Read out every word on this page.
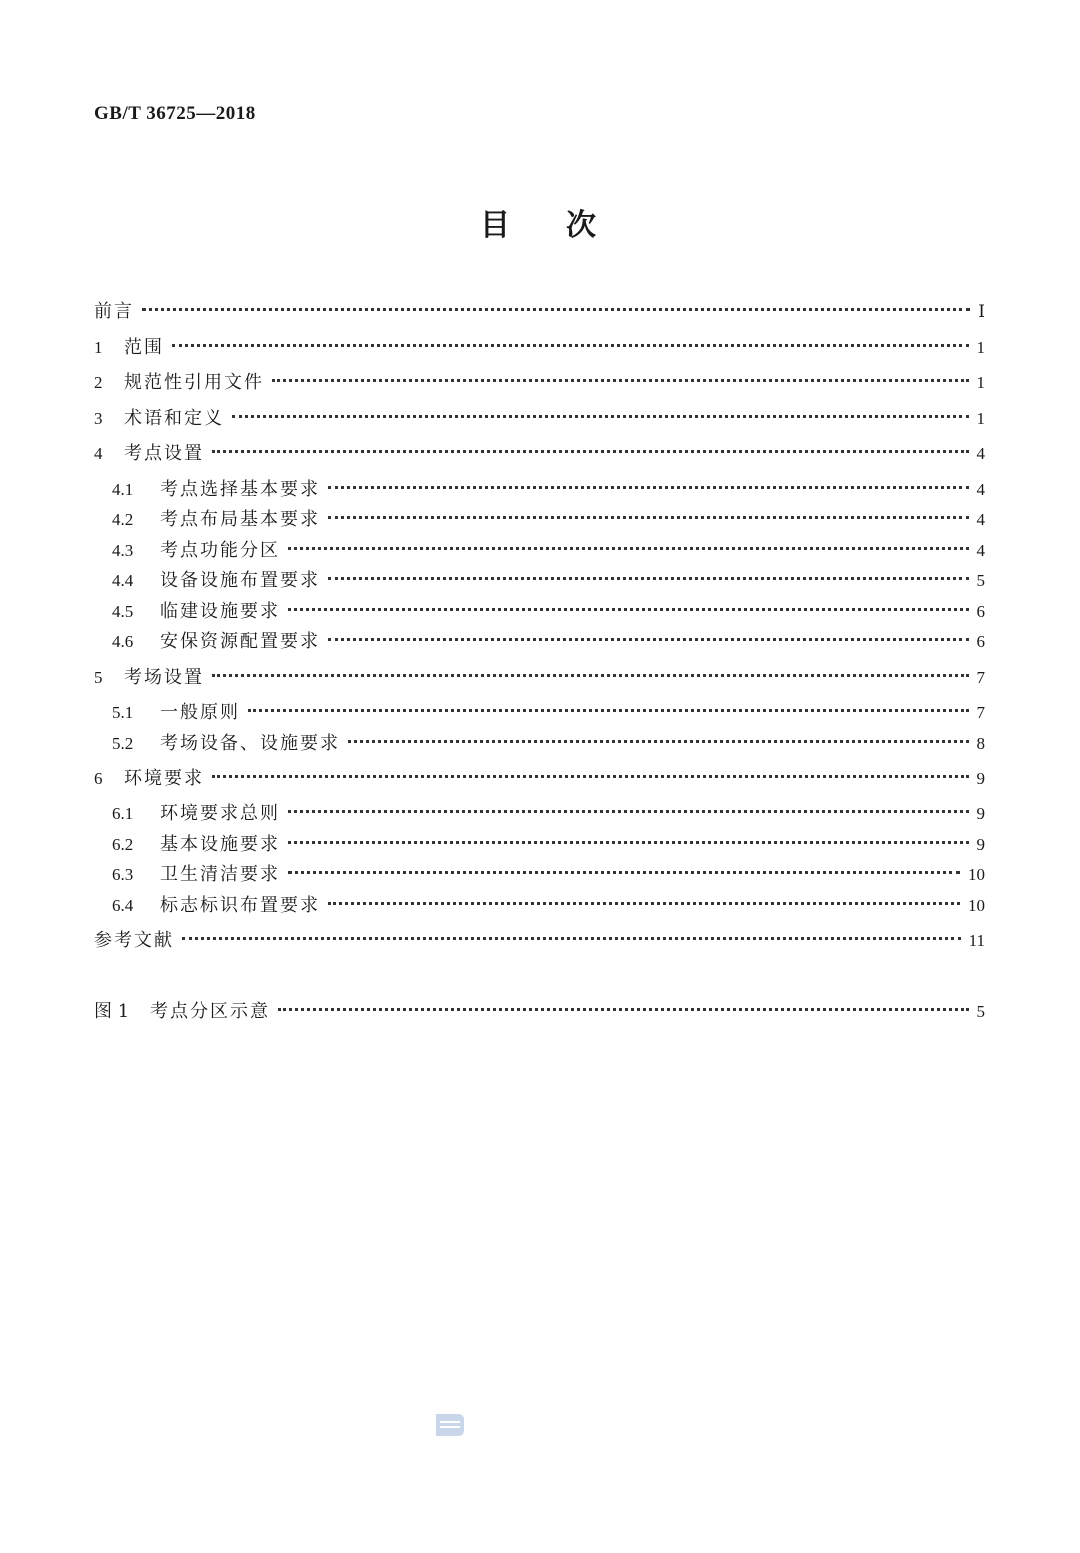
GB/T 36725—2018
目次
前言	Ⅰ
1	范围	1
2	规范性引用文件	1
3	术语和定义	1
4	考点设置	4
4.1	考点选择基本要求	4
4.2	考点布局基本要求	4
4.3	考点功能分区	4
4.4	设备设施布置要求	5
4.5	临建设施要求	6
4.6	安保资源配置要求	6
5	考场设置	7
5.1	一般原则	7
5.2	考场设备、设施要求	8
6	环境要求	9
6.1	环境要求总则	9
6.2	基本设施要求	9
6.3	卫生清洁要求	10
6.4	标志标识布置要求	10
参考文献	11
图 1	考点分区示意	5
